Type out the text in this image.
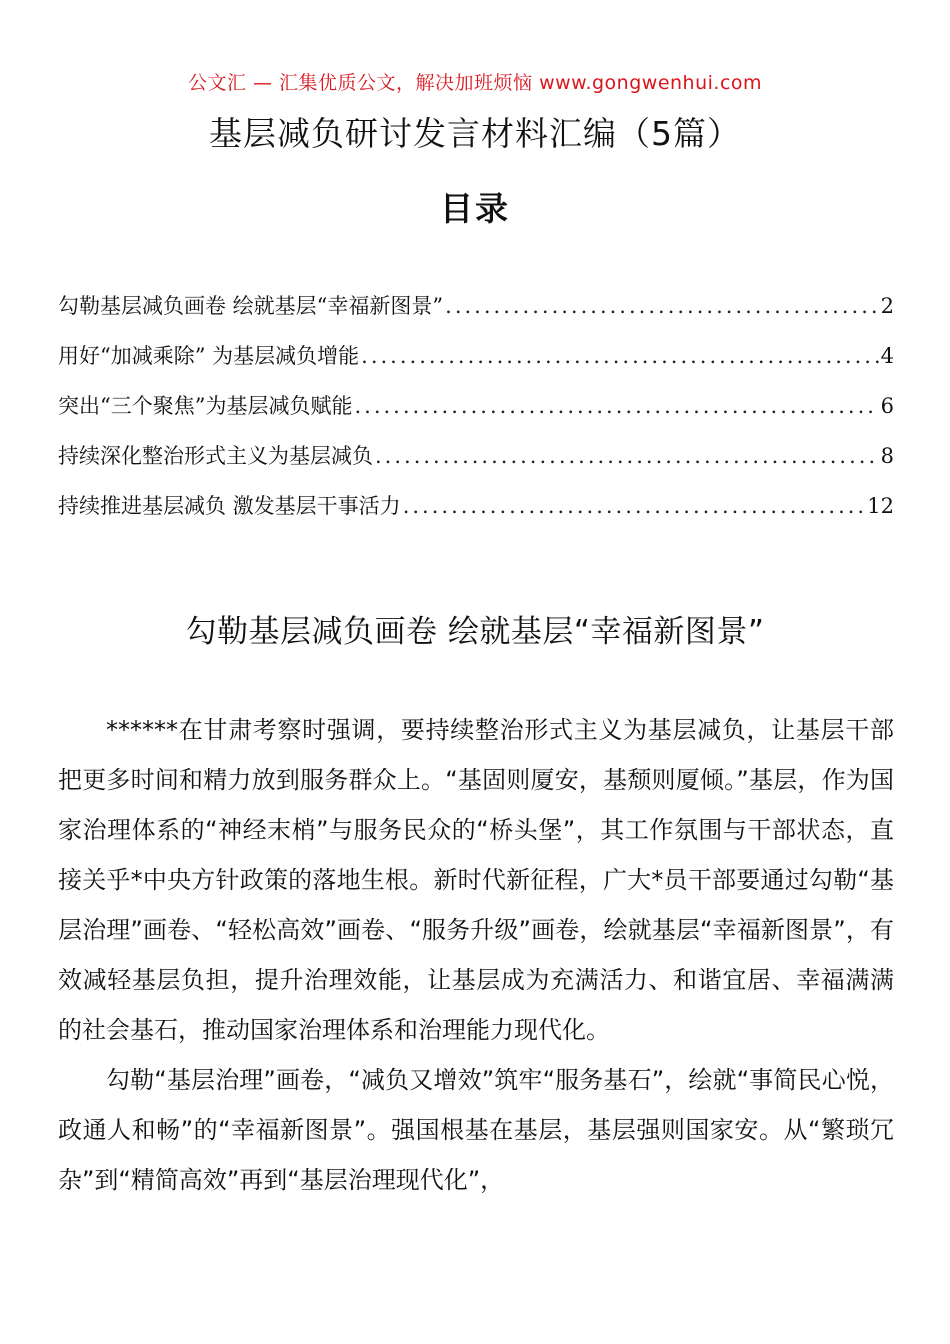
公文汇 — 汇集优质公文，解决加班烦恼 www.gongwenhui.com
基层减负研讨发言材料汇编（5篇）
目录
勾勒基层减负画卷 绘就基层“幸福新图景” .....	2
用好“加减乘除” 为基层减负增能 .....	4
突出“三个聚焦”为基层减负赋能 .....	6
持续深化整治形式主义为基层减负 .....	8
持续推进基层减负 激发基层干事活力 .....	12
勾勒基层减负画卷 绘就基层“幸福新图景”

******在甘肃考察时强调，要持续整治形式主义为基层减负，让基层干部把更多时间和精力放到服务群众上。“基固则厦安，基颓则厦倾。”基层，作为国家治理体系的“神经末梢”与服务民众的“桥头堡”，其工作氛围与干部状态，直接关乎*中央方针政策的落地生根。新时代新征程，广大*员干部要通过勾勒“基层治理”画卷、“轻松高效”画卷、“服务升级”画卷，绘就基层“幸福新图景”，有效减轻基层负担，提升治理效能，让基层成为充满活力、和谐宜居、幸福满满的社会基石，推动国家治理体系和治理能力现代化。

勾勒“基层治理”画卷，“减负又增效”筑牢“服务基石”，绘就“事简民心悦，政通人和畅”的“幸福新图景”。强国根基在基层，基层强则国家安。从“繁琐冗杂”到“精简高效”再到“基层治理现代化”，
